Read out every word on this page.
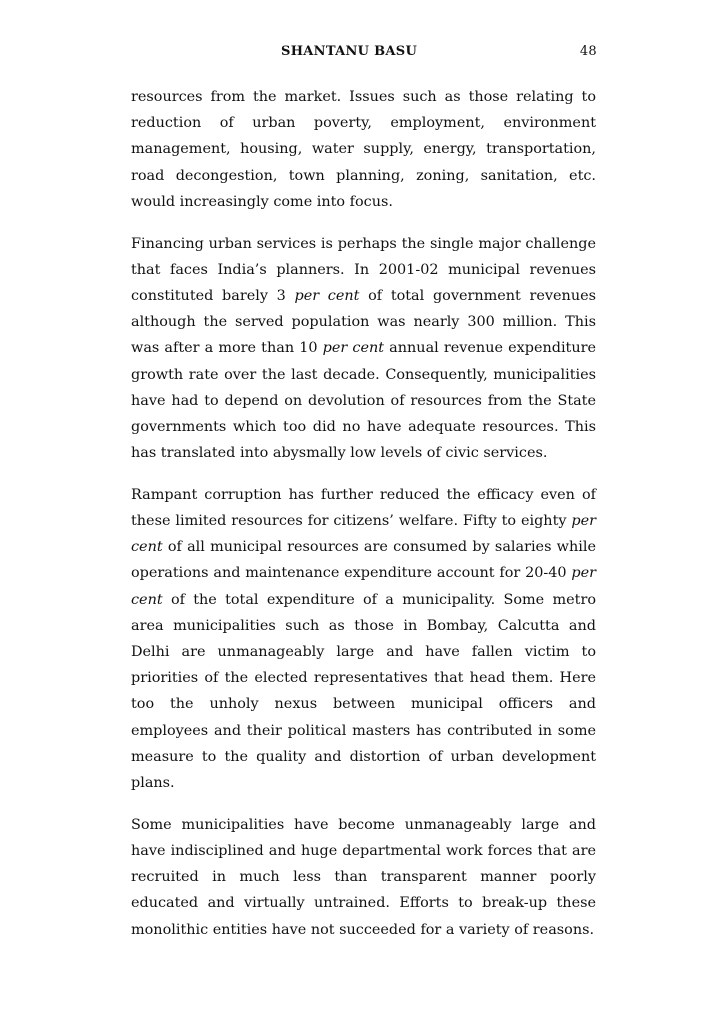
SHANTANU BASU	48

resources from the market. Issues such as those relating to reduction of urban poverty, employment, environment management, housing, water supply, energy, transportation, road decongestion, town planning, zoning, sanitation, etc. would increasingly come into focus.

Financing urban services is perhaps the single major challenge that faces India’s planners. In 2001-02 municipal revenues constituted barely 3 per cent of total government revenues although the served population was nearly 300 million. This was after a more than 10 per cent annual revenue expenditure growth rate over the last decade. Consequently, municipalities have had to depend on devolution of resources from the State governments which too did no have adequate resources. This has translated into abysmally low levels of civic services.

Rampant corruption has further reduced the efficacy even of these limited resources for citizens’ welfare. Fifty to eighty per cent of all municipal resources are consumed by salaries while operations and maintenance expenditure account for 20-40 per cent of the total expenditure of a municipality. Some metro area municipalities such as those in Bombay, Calcutta and Delhi are unmanageably large and have fallen victim to priorities of the elected representatives that head them. Here too the unholy nexus between municipal officers and employees and their political masters has contributed in some measure to the quality and distortion of urban development plans.

Some municipalities have become unmanageably large and have indisciplined and huge departmental work forces that are recruited in much less than transparent manner poorly educated and virtually untrained. Efforts to break-up these monolithic entities have not succeeded for a variety of reasons.
